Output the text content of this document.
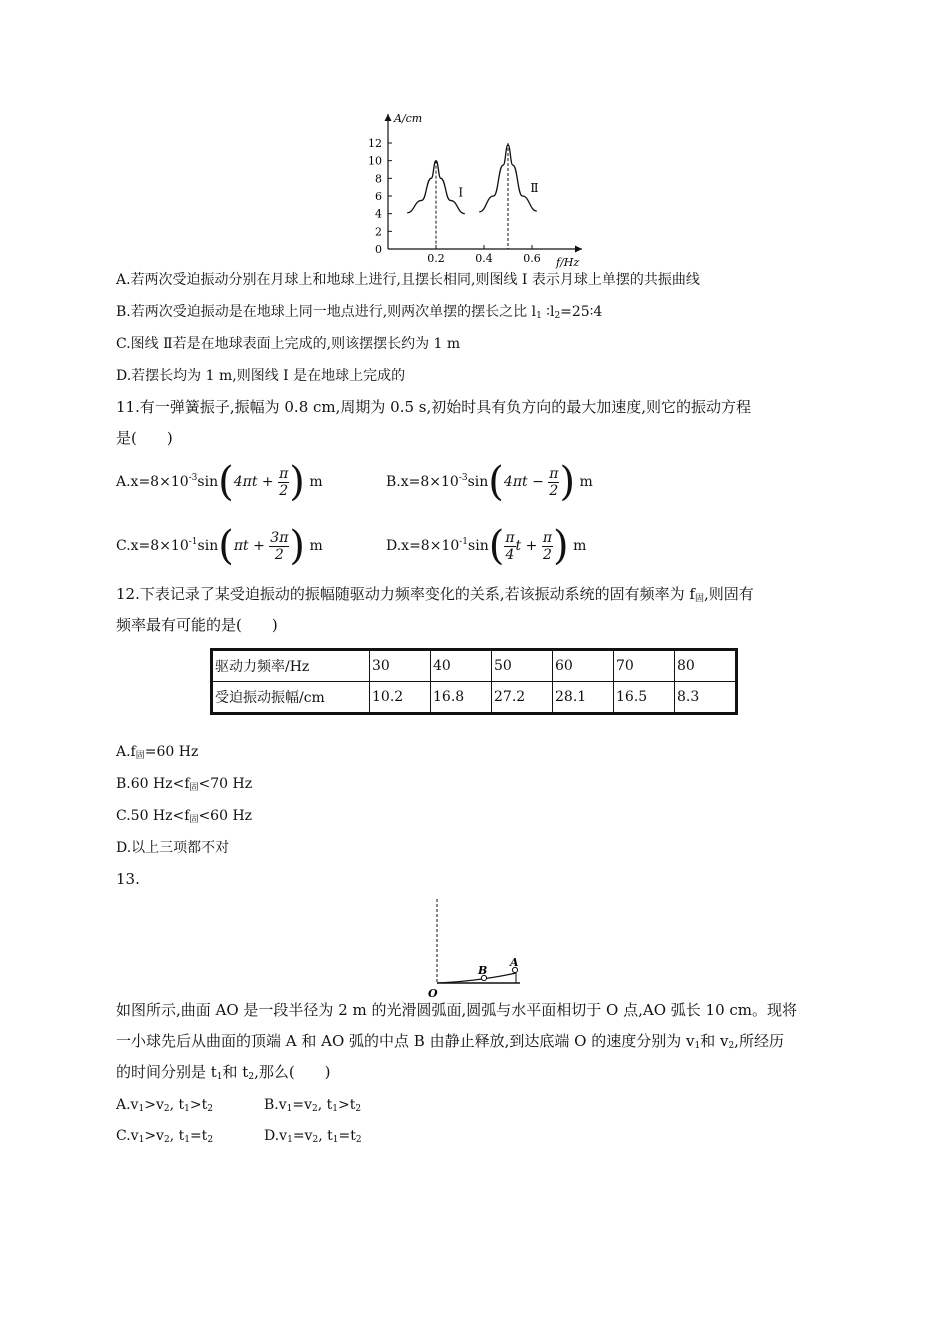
0
2
4
6
8
10
12
0.2	0.4	0.6
Ⅰ	Ⅱ
A/cm
f/Hz
A.若两次受迫振动分别在月球上和地球上进行,且摆长相同,则图线 Ⅰ 表示月球上单摆的共振曲线
B.若两次受迫振动是在地球上同一地点进行,则两次单摆的摆长之比 $l_1$ $∶l_2=25∶4$
C.图线 Ⅱ若是在地球表面上完成的,则该摆摆长约为 1 m
D.若摆长均为 1 m,则图线 Ⅰ 是在地球上完成的
11.有一弹簧振子,振幅为 0.8 cm,周期为 0.5 s,初始时具有负方向的最大加速度,则它的振动方程
是(　　)
$A.x=8\times 10^{-3}\sin(4\pi t + \frac{\pi}{2}$ ) m	$B.x=8\times 10^{-3}\sin(4\pi t - \frac{\pi}{2}$ ) m
$C.x=8\times 10^{-1}\sin(\pi t + \frac{3\pi}{2}$ ) m	$D.x=8\times 10^{-1}\sin( \frac{\pi}{4}$ $t + \frac{\pi}{2}$ ) m
12.下表记录了某受迫振动的振幅随驱动力频率变化的关系,若该振动系统的固有频率为 $f_固$,则固有
频率最有可能的是(　　)
驱动力频率/Hz	30	40	50	60	70	80
受迫振动振幅/cm	10.2	16.8	27.2	28.1	16.5	8.3
$A.f_固=60$ Hz
B.60 $Hz<f_固<70$ Hz
C.50 $Hz<f_固<60$ Hz
D.以上三项都不对
13.
O
B
A
如图所示,曲面 AO 是一段半径为 2 m 的光滑圆弧面,圆弧与水平面相切于 O 点,AO 弧长 10 cm。现将
一小球先后从曲面的顶端 A 和 AO 弧的中点 B 由静止释放,到达底端 O 的速度分别为 $v_1$和 $v_2$,所经历
的时间分别是 $t_1$和 $t_2$,那么(　　)
$A.v_1>v_2$, $t_1>t_2$	$B.v_1=v_2$, $t_1>t_2$
$C.v_1>v_2$, $t_1=t_2$	$D.v_1=v_2$, $t_1=t_2$
